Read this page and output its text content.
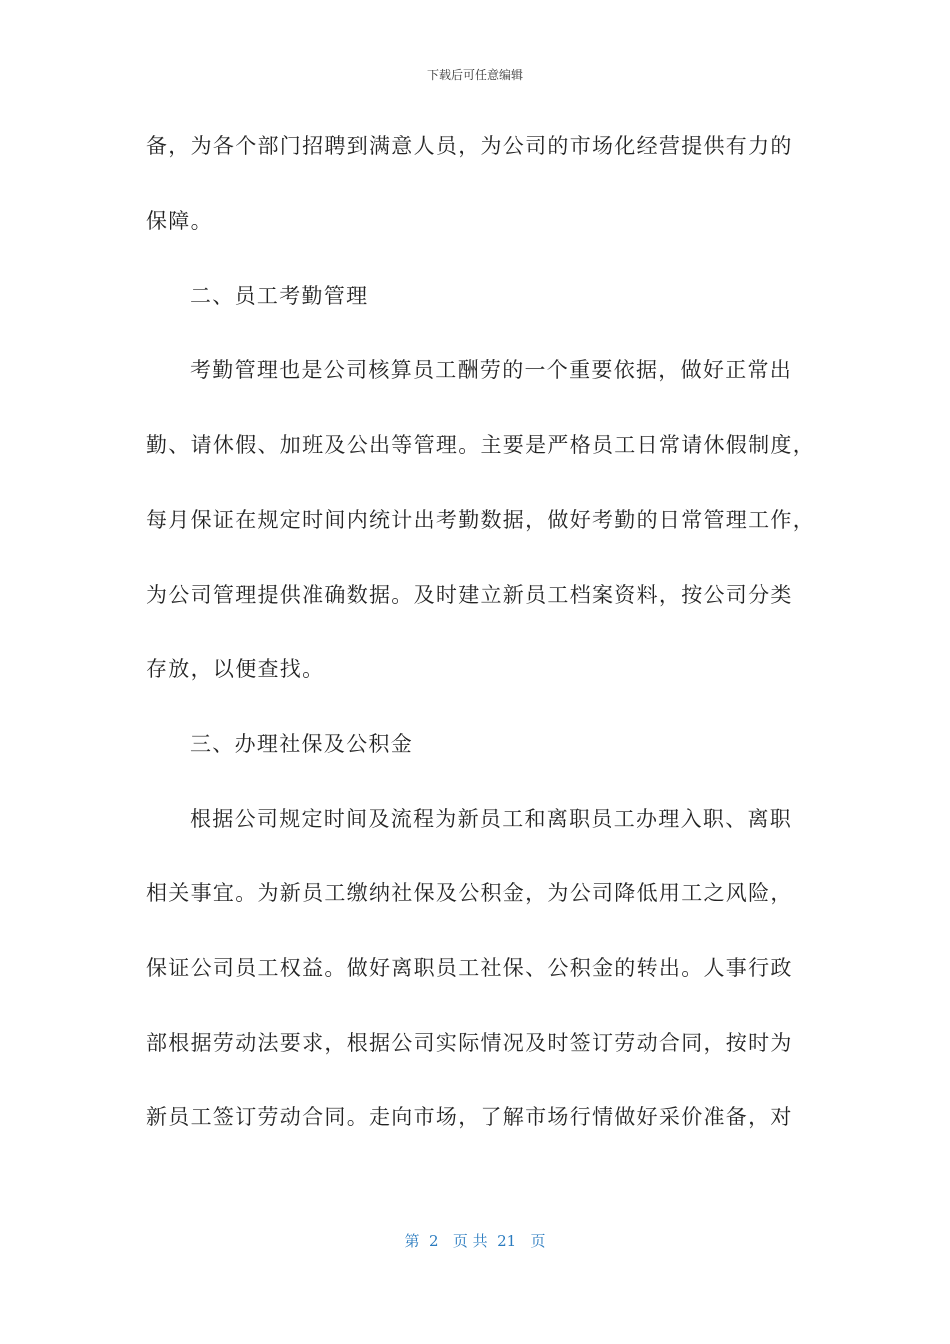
下载后可任意编辑
备，为各个部门招聘到满意人员，为公司的市场化经营提供有力的
保障。
二、员工考勤管理
考勤管理也是公司核算员工酬劳的一个重要依据，做好正常出
勤、请休假、加班及公出等管理。主要是严格员工日常请休假制度，
每月保证在规定时间内统计出考勤数据，做好考勤的日常管理工作，
为公司管理提供准确数据。及时建立新员工档案资料，按公司分类
存放，以便查找。
三、办理社保及公积金
根据公司规定时间及流程为新员工和离职员工办理入职、离职
相关事宜。为新员工缴纳社保及公积金，为公司降低用工之风险，
保证公司员工权益。做好离职员工社保、公积金的转出。人事行政
部根据劳动法要求，根据公司实际情况及时签订劳动合同，按时为
新员工签订劳动合同。走向市场，了解市场行情做好采价准备，对
第  2   页 共  21   页
